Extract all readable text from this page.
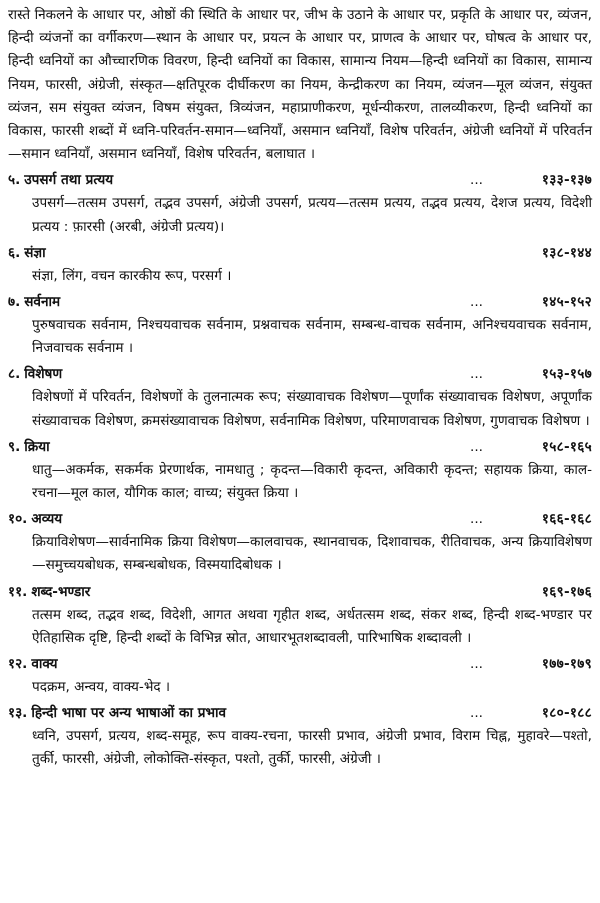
रास्ते निकलने के आधार पर, ओष्ठों की स्थिति के आधार पर, जीभ के उठाने के आधार पर, प्रकृति के आधार पर, व्यंजन, हिन्दी व्यंजनों का वर्गीकरण—स्थान के आधार पर, प्रयत्न के आधार पर, प्राणत्व के आधार पर, घोषत्व के आधार पर, हिन्दी ध्वनियों का औच्चारणिक विवरण, हिन्दी ध्वनियों का विकास, सामान्य नियम—हिन्दी ध्वनियों का विकास, सामान्य नियम, फारसी, अंग्रेजी, संस्कृत—क्षतिपूरक दीर्घीकरण का नियम, केन्द्रीकरण का नियम, व्यंजन—मूल व्यंजन, संयुक्त व्यंजन, सम संयुक्त व्यंजन, विषम संयुक्त, त्रिव्यंजन, महाप्राणीकरण, मूर्धन्यीकरण, तालव्यीकरण, हिन्दी ध्वनियों का विकास, फारसी शब्दों में ध्वनि-परिवर्तन-समान—ध्वनियाँ, असमान ध्वनियाँ, विशेष परिवर्तन, अंग्रेजी ध्वनियों में परिवर्तन—समान ध्वनियाँ, असमान ध्वनियाँ, विशेष परिवर्तन, बलाघात ।

५. उपसर्ग तथा प्रत्यय	...	१३३-१३७

उपसर्ग—तत्सम उपसर्ग, तद्भव उपसर्ग, अंग्रेजी उपसर्ग, प्रत्यय—तत्सम प्रत्यय, तद्भव प्रत्यय, देशज प्रत्यय, विदेशी प्रत्यय : फ़ारसी (अरबी, अंग्रेजी प्रत्यय)।

६. संज्ञा	१३८-१४४

संज्ञा, लिंग, वचन कारकीय रूप, परसर्ग ।

७. सर्वनाम	...	१४५-१५२

पुरुषवाचक सर्वनाम, निश्चयवाचक सर्वनाम, प्रश्नवाचक सर्वनाम, सम्बन्ध-वाचक सर्वनाम, अनिश्चयवाचक सर्वनाम, निजवाचक सर्वनाम ।

८. विशेषण	...	१५३-१५७

विशेषणों में परिवर्तन, विशेषणों के तुलनात्मक रूप; संख्यावाचक विशेषण—पूर्णांक संख्यावाचक विशेषण, अपूर्णांक संख्यावाचक विशेषण, क्रमसंख्यावाचक विशेषण, सर्वनामिक विशेषण, परिमाणवाचक विशेषण, गुणवाचक विशेषण ।

९. क्रिया	...	१५८-१६५

धातु—अकर्मक, सकर्मक प्रेरणार्थक, नामधातु ; कृदन्त—विकारी कृदन्त, अविकारी कृदन्त; सहायक क्रिया, काल-रचना—मूल काल, यौगिक काल; वाच्य; संयुक्त क्रिया ।

१०. अव्यय	...	१६६-१६८

क्रियाविशेषण—सार्वनामिक क्रिया विशेषण—कालवाचक, स्थानवाचक, दिशावाचक, रीतिवाचक, अन्य क्रियाविशेषण—समुच्चयबोधक, सम्बन्धबोधक, विस्मयादिबोधक ।

११. शब्द-भण्डार	१६९-१७६

तत्सम शब्द, तद्भव शब्द, विदेशी, आगत अथवा गृहीत शब्द, अर्धतत्सम शब्द, संकर शब्द, हिन्दी शब्द-भण्डार पर ऐतिहासिक दृष्टि, हिन्दी शब्दों के विभिन्न स्रोत, आधारभूतशब्दावली, पारिभाषिक शब्दावली ।

१२. वाक्य	...	१७७-१७९

पदक्रम, अन्वय, वाक्य-भेद ।

१३. हिन्दी भाषा पर अन्य भाषाओं का प्रभाव	...	१८०-१८८

ध्वनि, उपसर्ग, प्रत्यय, शब्द-समूह, रूप वाक्य-रचना, फारसी प्रभाव, अंग्रेजी प्रभाव, विराम चिह्न, मुहावरे—पश्तो, तुर्की, फारसी, अंग्रेजी, लोकोक्ति-संस्कृत, पश्तो, तुर्की, फारसी, अंग्रेजी ।
